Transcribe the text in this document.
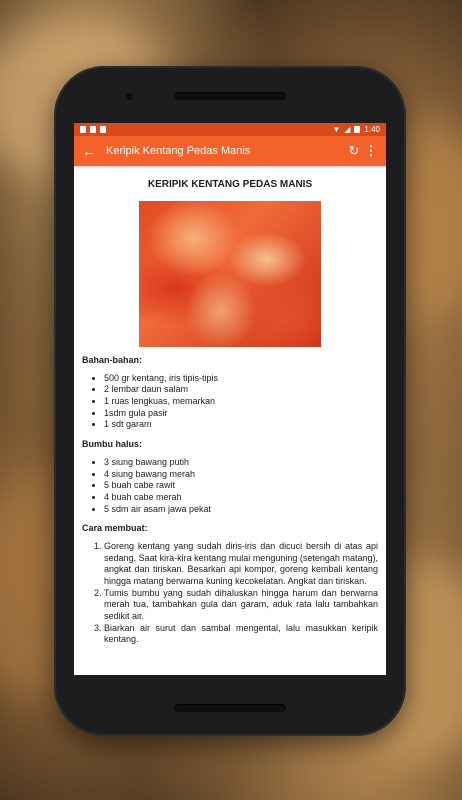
▼ ◢ 1:40
← Keripik Kentang Pedas Manis	↻ ⋮
KERIPIK KENTANG PEDAS MANIS
Bahan-bahan:
• 500 gr kentang, iris tipis-tipis
• 2 lembar daun salam
• 1 ruas lengkuas, memarkan
• 1sdm gula pasir
• 1 sdt garam
Bumbu halus:
• 3 siung bawang putih
• 4 siung bawang merah
• 5 buah cabe rawit
• 4 buah cabe merah
• 5 sdm air asam jawa pekat
Cara membuat:
1. Goreng kentang yang sudah diris-iris dan dicuci bersih di atas api sedang. Saat kira-kira kentang mulai menguning (setengah matang), angkat dan tiriskan. Besarkan api kompor, goreng kembali kentang hingga matang berwarna kuning kecokelatan. Angkat dan tiriskan.
2. Tumis bumbu yang sudah dihaluskan hingga harum dan berwarna merah tua, tambahkan gula dan garam, aduk rata lalu tambahkan sedikit air.
3. Biarkan air surut dan sambal mengental, lalu masukkan keripik kentang.
